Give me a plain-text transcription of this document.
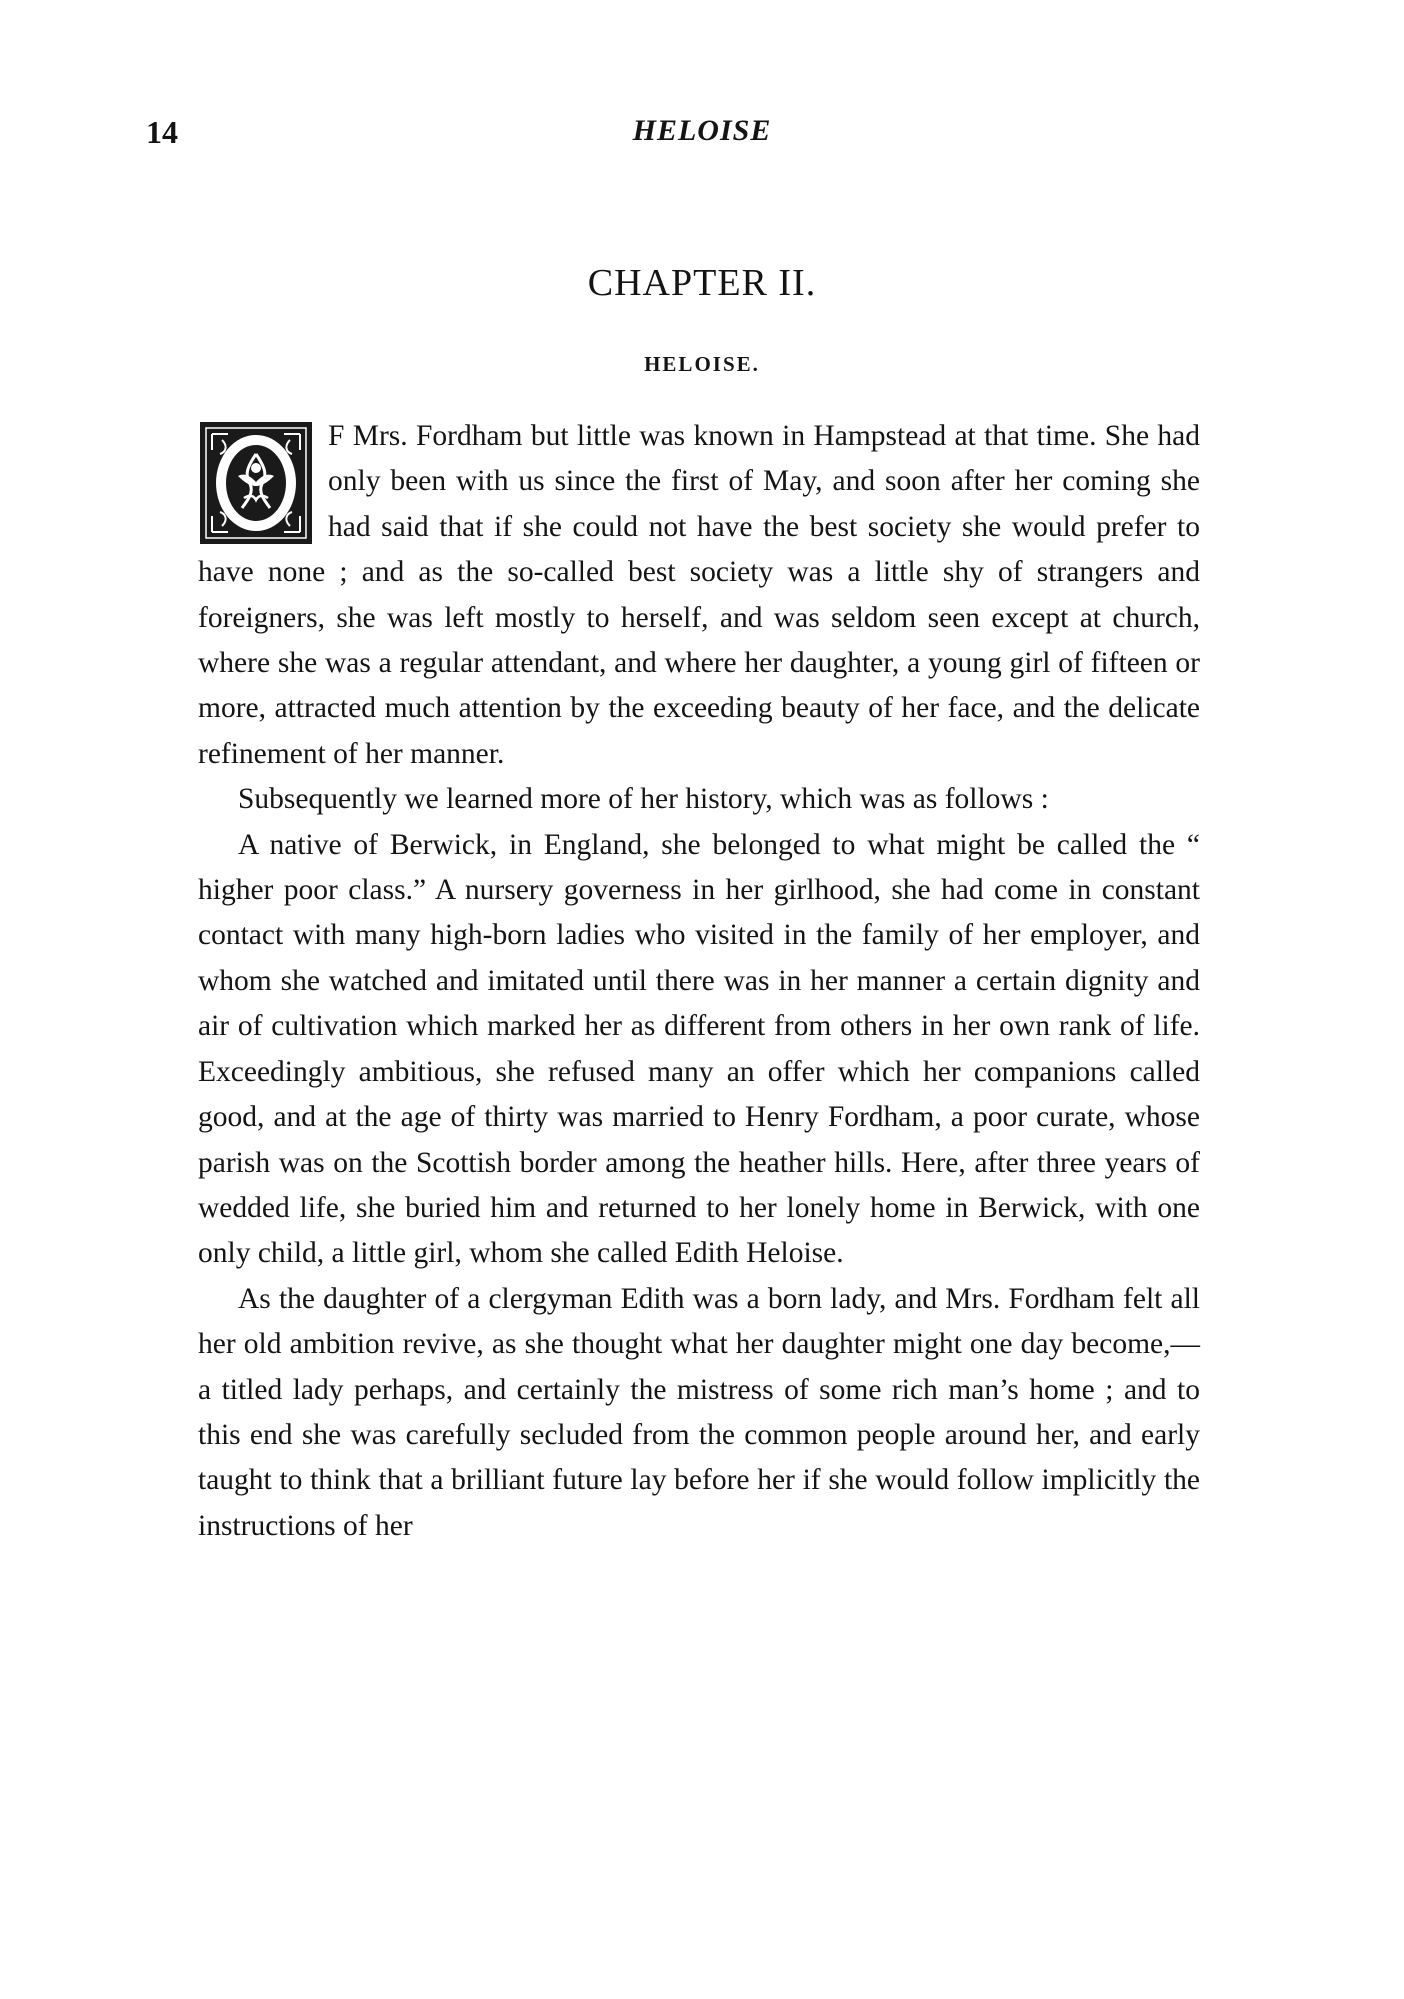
14	HELOISE
CHAPTER II.
HELOISE.

F Mrs. Fordham but little was known in Hampstead at that time. She had only been with us since the first of May, and soon after her coming she had said that if she could not have the best society she would prefer to have none ; and as the so-called best society was a little shy of strangers and foreigners, she was left mostly to herself, and was seldom seen except at church, where she was a regular attendant, and where her daughter, a young girl of fifteen or more, attracted much attention by the exceeding beauty of her face, and the delicate refinement of her manner.

Subsequently we learned more of her history, which was as follows :

A native of Berwick, in England, she belonged to what might be called the “ higher poor class.” A nursery governess in her girlhood, she had come in constant contact with many high-born ladies who visited in the family of her employer, and whom she watched and imitated until there was in her manner a certain dignity and air of cultivation which marked her as different from others in her own rank of life. Exceedingly ambitious, she refused many an offer which her companions called good, and at the age of thirty was married to Henry Fordham, a poor curate, whose parish was on the Scottish border among the heather hills. Here, after three years of wedded life, she buried him and returned to her lonely home in Berwick, with one only child, a little girl, whom she called Edith Heloise.

As the daughter of a clergyman Edith was a born lady, and Mrs. Fordham felt all her old ambition revive, as she thought what her daughter might one day become,—a titled lady perhaps, and certainly the mistress of some rich man’s home ; and to this end she was carefully secluded from the common people around her, and early taught to think that a brilliant future lay before her if she would follow implicitly the instructions of her
